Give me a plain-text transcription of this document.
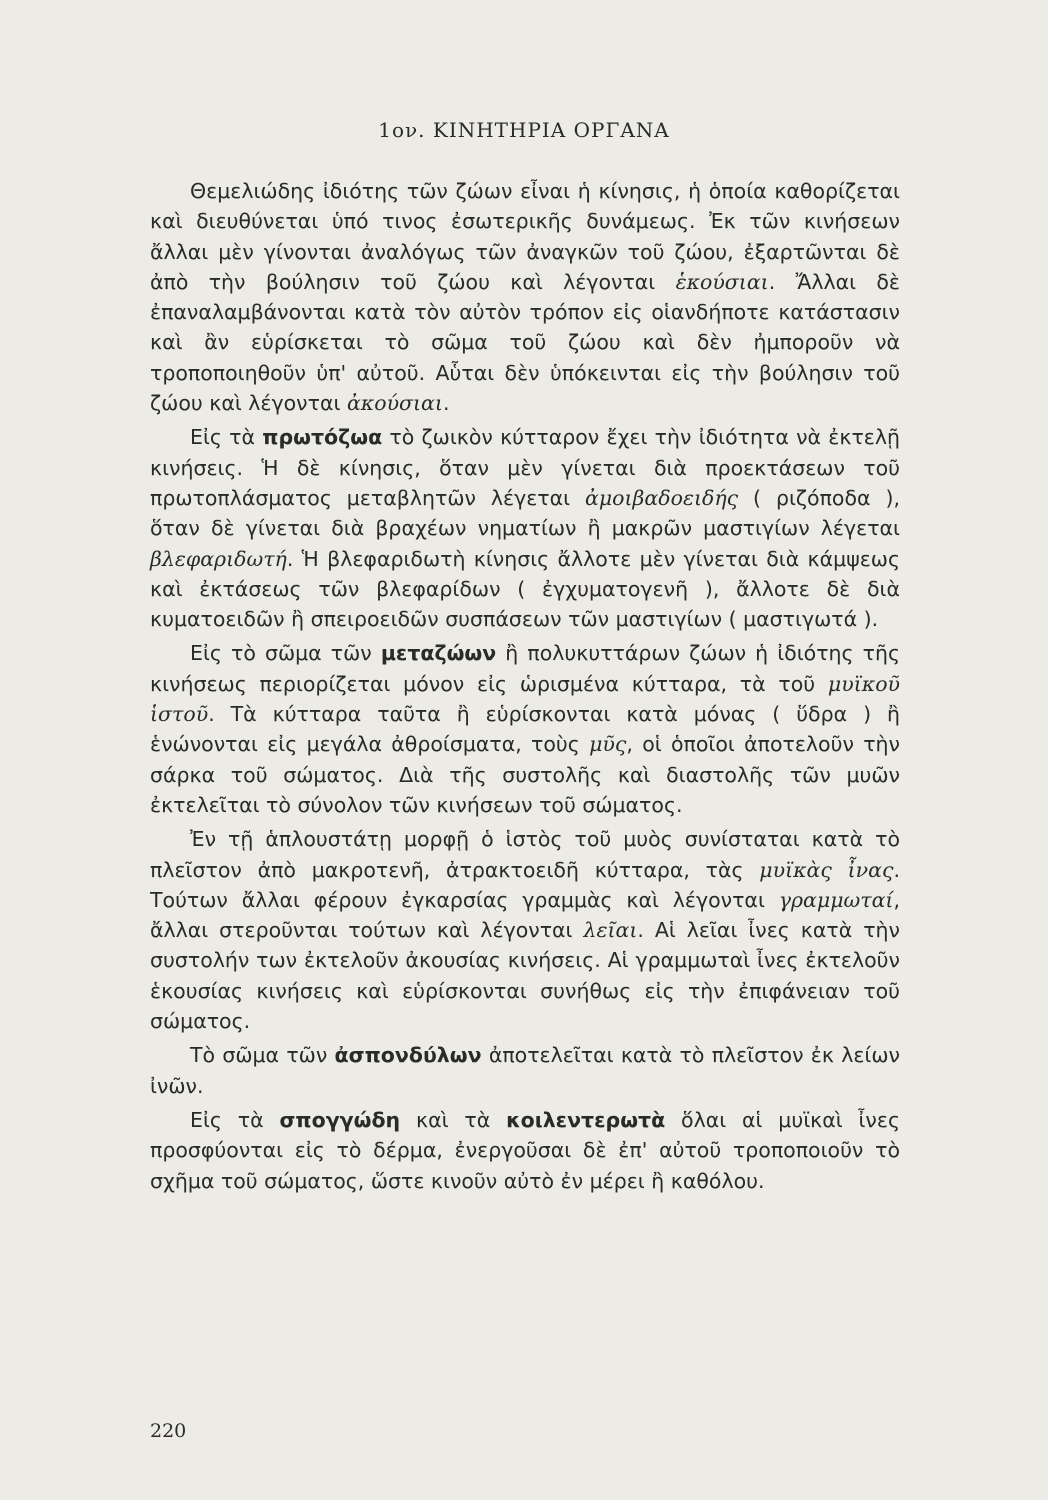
1ον. ΚΙΝΗΤΗΡΙΑ ΟΡΓΑΝΑ

Θεμελιώδης ἰδιότης τῶν ζώων εἶναι ἡ κίνησις, ἡ ὁποία καθορίζεται καὶ διευθύνεται ὑπό τινος ἐσωτερικῆς δυνάμεως. Ἐκ τῶν κινήσεων ἄλλαι μὲν γίνονται ἀναλόγως τῶν ἀναγκῶν τοῦ ζώου, ἐξαρτῶνται δὲ ἀπὸ τὴν βούλησιν τοῦ ζώου καὶ λέγονται ἑκούσιαι. Ἄλλαι δὲ ἐπαναλαμβάνονται κατὰ τὸν αὐτὸν τρόπον εἰς οἱανδήποτε κατάστασιν καὶ ἂν εὑρίσκεται τὸ σῶμα τοῦ ζώου καὶ δὲν ἠμποροῦν νὰ τροποποιηθοῦν ὑπ' αὐτοῦ. Αὗται δὲν ὑπόκεινται εἰς τὴν βούλησιν τοῦ ζώου καὶ λέγονται ἀκούσιαι.

Εἰς τὰ πρωτόζωα τὸ ζωικὸν κύτταρον ἔχει τὴν ἰδιότητα νὰ ἐκτελῇ κινήσεις. Ἡ δὲ κίνησις, ὅταν μὲν γίνεται διὰ προεκτάσεων τοῦ πρωτοπλάσματος μεταβλητῶν λέγεται ἀμοιβαδοειδής ( ριζόποδα ), ὅταν δὲ γίνεται διὰ βραχέων νηματίων ἢ μακρῶν μαστιγίων λέγεται βλεφαριδωτή. Ἡ βλεφαριδωτὴ κίνησις ἄλλοτε μὲν γίνεται διὰ κάμψεως καὶ ἐκτάσεως τῶν βλεφαρίδων ( ἐγχυματογενῆ ), ἄλλοτε δὲ διὰ κυματοειδῶν ἢ σπειροειδῶν συσπάσεων τῶν μαστιγίων ( μαστιγωτά ).

Εἰς τὸ σῶμα τῶν μεταζώων ἢ πολυκυττάρων ζώων ἡ ἰδιότης τῆς κινήσεως περιορίζεται μόνον εἰς ὡρισμένα κύτταρα, τὰ τοῦ μυϊκοῦ ἱστοῦ. Τὰ κύτταρα ταῦτα ἢ εὑρίσκονται κατὰ μόνας ( ὕδρα ) ἢ ἑνώνονται εἰς μεγάλα ἀθροίσματα, τοὺς μῦς, οἱ ὁποῖοι ἀποτελοῦν τὴν σάρκα τοῦ σώματος. Διὰ τῆς συστολῆς καὶ διαστολῆς τῶν μυῶν ἐκτελεῖται τὸ σύνολον τῶν κινήσεων τοῦ σώματος.

Ἐν τῇ ἁπλουστάτῃ μορφῇ ὁ ἱστὸς τοῦ μυὸς συνίσταται κατὰ τὸ πλεῖστον ἀπὸ μακροτενῆ, ἀτρακτοειδῆ κύτταρα, τὰς μυϊκὰς ἶνας. Τούτων ἄλλαι φέρουν ἐγκαρσίας γραμμὰς καὶ λέγονται γραμμωταί, ἄλλαι στεροῦνται τούτων καὶ λέγονται λεῖαι. Αἱ λεῖαι ἶνες κατὰ τὴν συστολήν των ἐκτελοῦν ἀκουσίας κινήσεις. Αἱ γραμμωταὶ ἶνες ἐκτελοῦν ἑκουσίας κινήσεις καὶ εὑρίσκονται συνήθως εἰς τὴν ἐπιφάνειαν τοῦ σώματος.

Τὸ σῶμα τῶν ἀσπονδύλων ἀποτελεῖται κατὰ τὸ πλεῖστον ἐκ λείων ἰνῶν.

Εἰς τὰ σπογγώδη καὶ τὰ κοιλεντερωτὰ ὅλαι αἱ μυϊκαὶ ἶνες προσφύονται εἰς τὸ δέρμα, ἐνεργοῦσαι δὲ ἐπ' αὐτοῦ τροποποιοῦν τὸ σχῆμα τοῦ σώματος, ὥστε κινοῦν αὐτὸ ἐν μέρει ἢ καθόλου.

220
